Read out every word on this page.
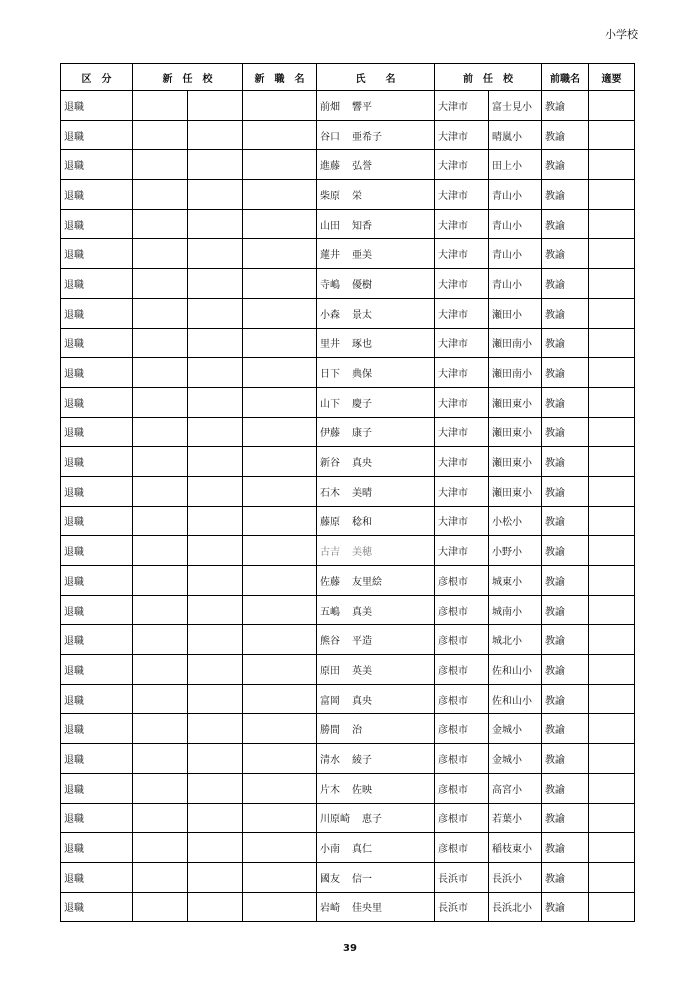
小学校
区　分	新　任　校		新　職　名	氏　　名	前　任　校		前職名	適要
退職				前畑 響平	大津市	富士見小	教諭	
退職				谷口 亜希子	大津市	晴嵐小	教諭	
退職				進藤 弘誉	大津市	田上小	教諭	
退職				柴原 栄	大津市	青山小	教諭	
退職				山田 知香	大津市	青山小	教諭	
退職				蓮井 亜美	大津市	青山小	教諭	
退職				寺嶋 優樹	大津市	青山小	教諭	
退職				小森 景太	大津市	瀬田小	教諭	
退職				里井 琢也	大津市	瀬田南小	教諭	
退職				日下 典保	大津市	瀬田南小	教諭	
退職				山下 慶子	大津市	瀬田東小	教諭	
退職				伊藤 康子	大津市	瀬田東小	教諭	
退職				新谷 真央	大津市	瀬田東小	教諭	
退職				石木 美晴	大津市	瀬田東小	教諭	
退職				藤原 稔和	大津市	小松小	教諭	
退職				古吉 美穂	大津市	小野小	教諭	
退職				佐藤 友里絵	彦根市	城東小	教諭	
退職				五嶋 真美	彦根市	城南小	教諭	
退職				熊谷 平造	彦根市	城北小	教諭	
退職				原田 英美	彦根市	佐和山小	教諭	
退職				富岡 真央	彦根市	佐和山小	教諭	
退職				勝間 治	彦根市	金城小	教諭	
退職				清水 綾子	彦根市	金城小	教諭	
退職				片木 佐映	彦根市	高宮小	教諭	
退職				川原崎 恵子	彦根市	若葉小	教諭	
退職				小南 真仁	彦根市	稲枝東小	教諭	
退職				國友 信一	長浜市	長浜小	教諭	
退職				岩崎 佳央里	長浜市	長浜北小	教諭	
39
